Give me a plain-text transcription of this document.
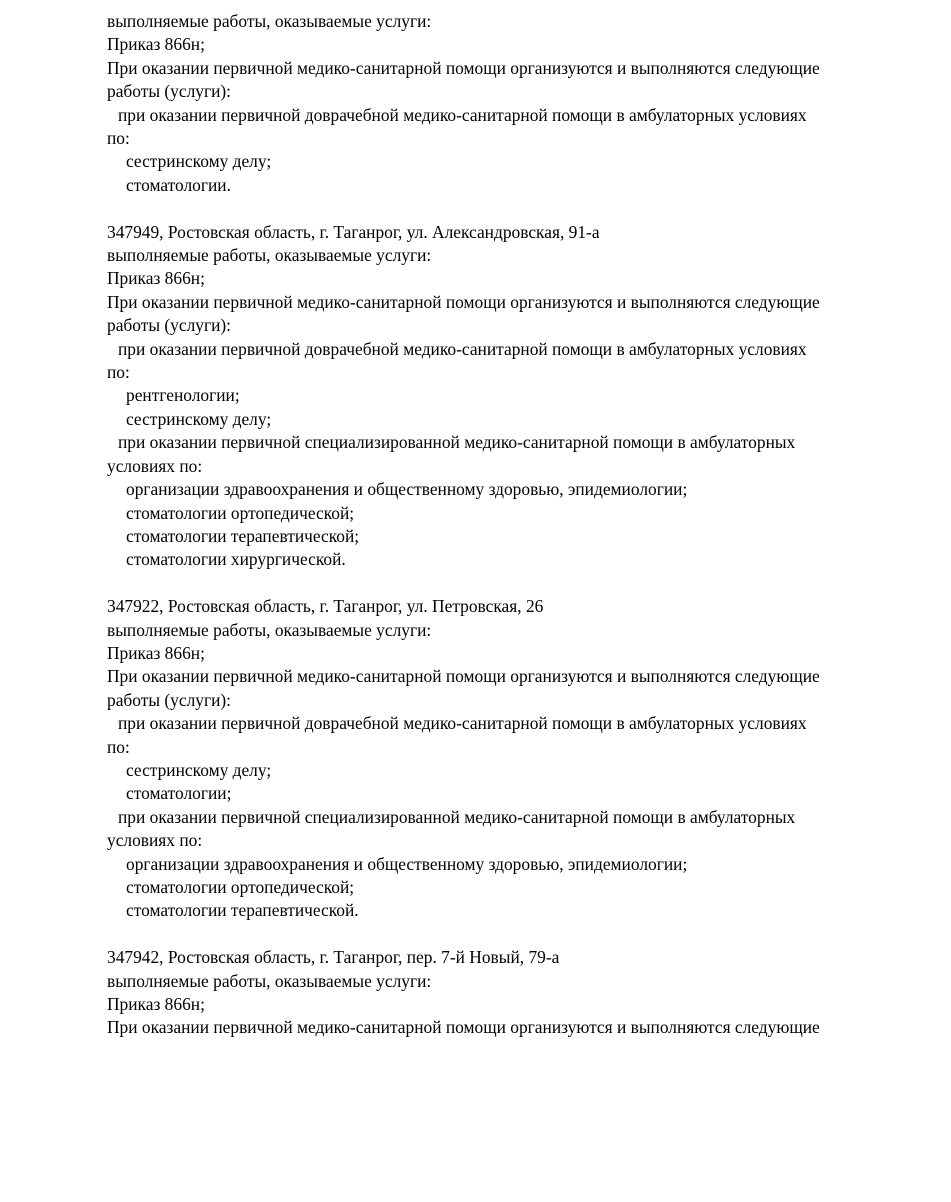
выполняемые работы, оказываемые услуги:
Приказ 866н;
При оказании первичной медико-санитарной помощи организуются и выполняются следующие
работы (услуги):
при оказании первичной доврачебной медико-санитарной помощи в амбулаторных условиях
по:
сестринскому делу;
стоматологии.
347949, Ростовская область, г. Таганрог, ул. Александровская, 91-а
выполняемые работы, оказываемые услуги:
Приказ 866н;
При оказании первичной медико-санитарной помощи организуются и выполняются следующие
работы (услуги):
при оказании первичной доврачебной медико-санитарной помощи в амбулаторных условиях
по:
рентгенологии;
сестринскому делу;
при оказании первичной специализированной медико-санитарной помощи в амбулаторных
условиях по:
организации здравоохранения и общественному здоровью, эпидемиологии;
стоматологии ортопедической;
стоматологии терапевтической;
стоматологии хирургической.
347922, Ростовская область, г. Таганрог, ул. Петровская, 26
выполняемые работы, оказываемые услуги:
Приказ 866н;
При оказании первичной медико-санитарной помощи организуются и выполняются следующие
работы (услуги):
при оказании первичной доврачебной медико-санитарной помощи в амбулаторных условиях
по:
сестринскому делу;
стоматологии;
при оказании первичной специализированной медико-санитарной помощи в амбулаторных
условиях по:
организации здравоохранения и общественному здоровью, эпидемиологии;
стоматологии ортопедической;
стоматологии терапевтической.
347942, Ростовская область, г. Таганрог, пер. 7-й Новый, 79-а
выполняемые работы, оказываемые услуги:
Приказ 866н;
При оказании первичной медико-санитарной помощи организуются и выполняются следующие
